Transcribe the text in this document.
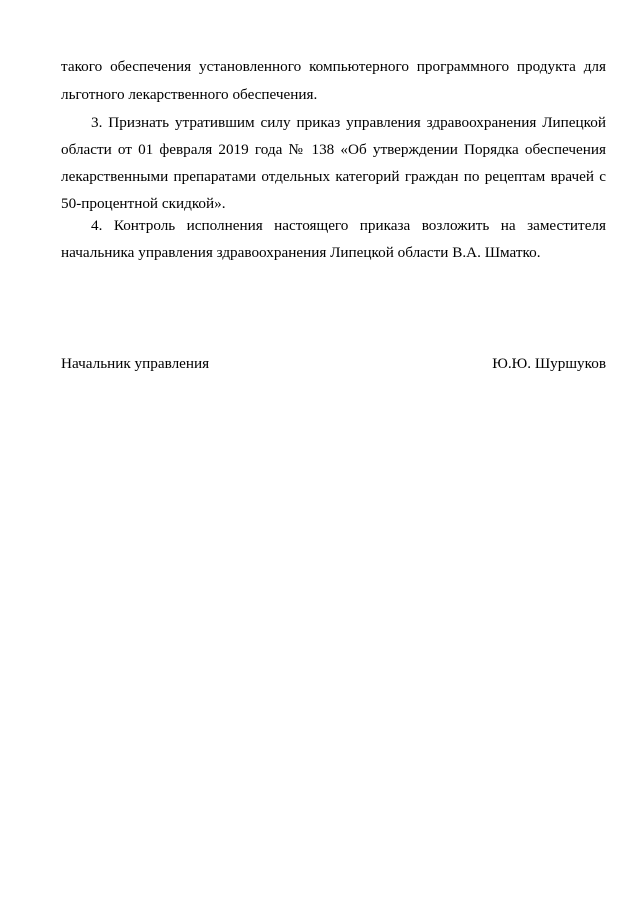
такого обеспечения установленного компьютерного программного продукта для
льготного лекарственного обеспечения.
3. Признать утратившим силу приказ управления здравоохранения Липецкой
области от 01 февраля 2019 года № 138 «Об утверждении Порядка обеспечения
лекарственными препаратами отдельных категорий граждан по рецептам врачей с
50-процентной скидкой».
4. Контроль исполнения настоящего приказа возложить на заместителя
начальника управления здравоохранения Липецкой области В.А. Шматко.
Начальник управления	Ю.Ю. Шуршуков
